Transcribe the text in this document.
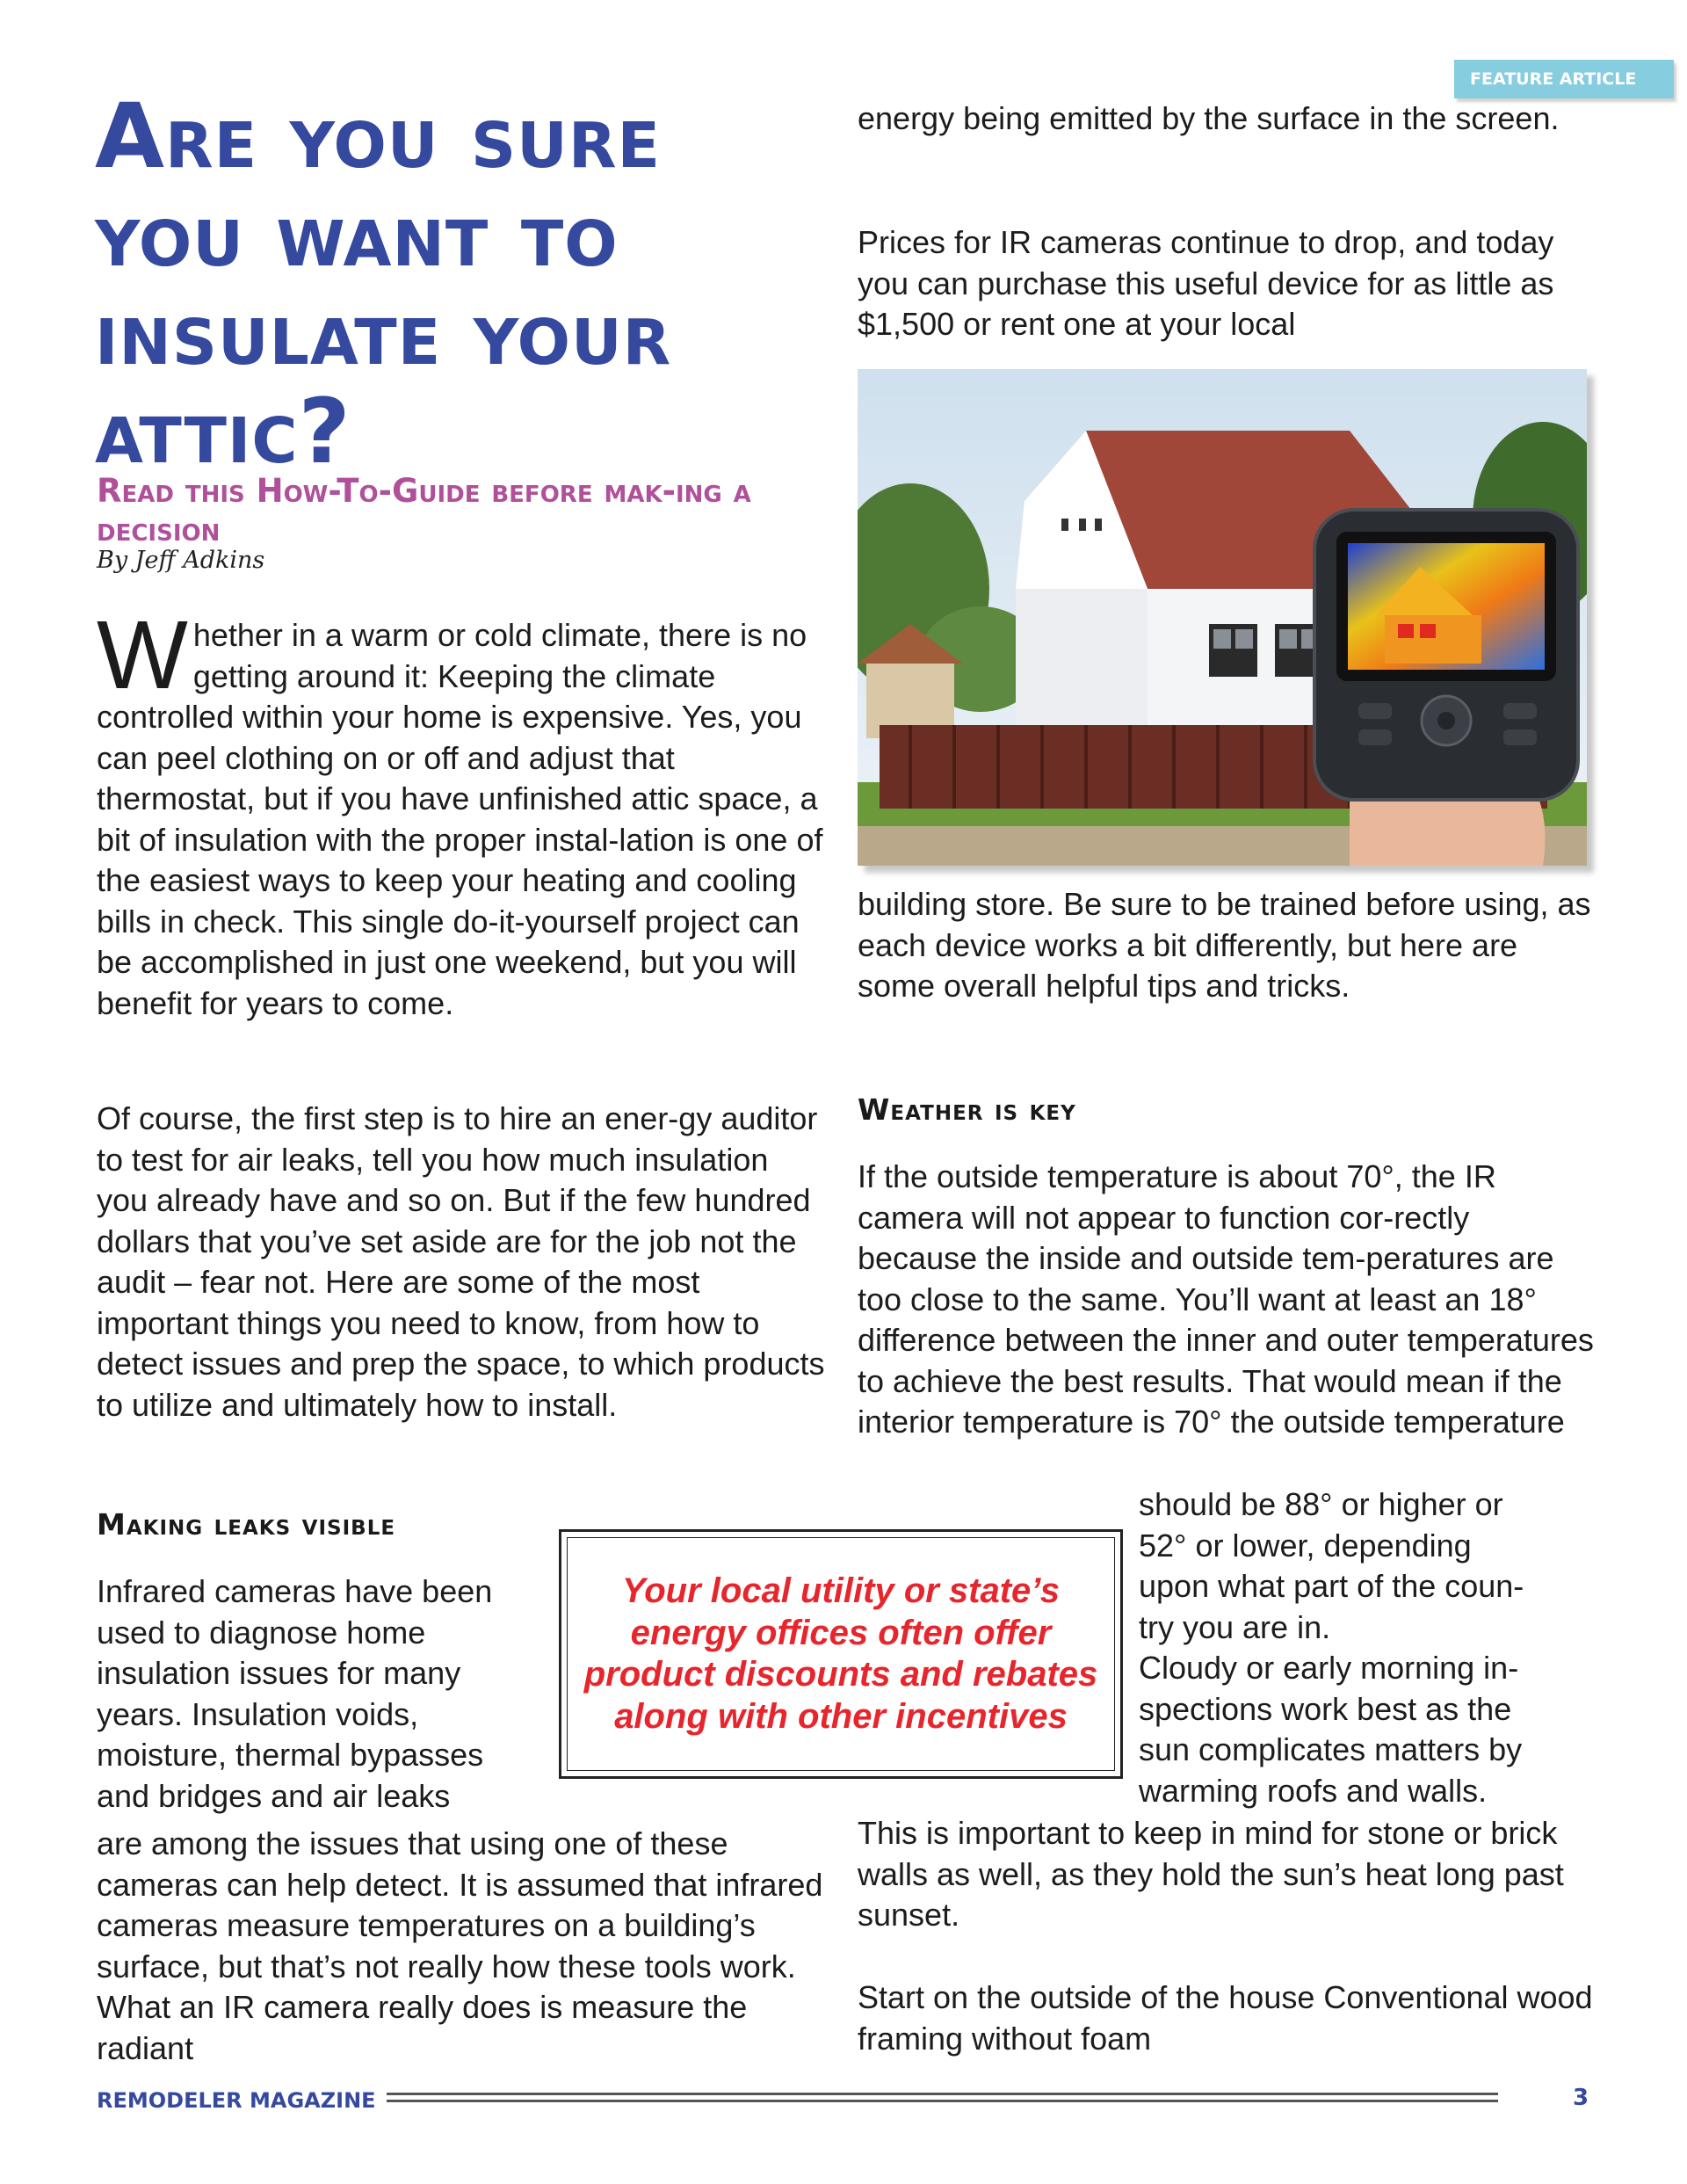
FEATURE ARTICLE
Are you sure you want to insulate your attic?
Read this How-To-Guide before mak-ing a decision

By Jeff Adkins

Whether in a warm or cold climate, there is no getting around it: Keeping the climate controlled within your home is expensive. Yes, you can peel clothing on or off and adjust that thermostat, but if you have unfinished attic space, a bit of insulation with the proper instal-lation is one of the easiest ways to keep your heating and cooling bills in check. This single do-it-yourself project can be accomplished in just one weekend, but you will benefit for years to come.

Of course, the first step is to hire an ener-gy auditor to test for air leaks, tell you how much insulation you already have and so on. But if the few hundred dollars that you’ve set aside are for the job not the audit – fear not. Here are some of the most important things you need to know, from how to detect issues and prep the space, to which products to utilize and ultimately how to install.

Making leaks visible
Infrared cameras have been
used to diagnose home
insulation issues for many
years. Insulation voids,
moisture, thermal bypasses
and bridges and air leaks

are among the issues that using one of these cameras can help detect. It is assumed that infrared cameras measure temperatures on a building’s surface, but that’s not really how these tools work. What an IR camera really does is measure the radiant

energy being emitted by the surface in the screen.

Prices for IR cameras continue to drop, and today you can purchase this useful device for as little as $1,500 or rent one at your local

building store. Be sure to be trained before using, as each device works a bit differently, but here are some overall helpful tips and tricks.

Weather is key

If the outside temperature is about 70°, the IR camera will not appear to function cor-rectly because the inside and outside tem-peratures are too close to the same. You’ll want at least an 18° difference between the inner and outer temperatures to achieve the best results. That would mean if the interior temperature is 70° the outside temperature

should be 88° or higher or
52° or lower, depending
upon what part of the coun-
try you are in.
Cloudy or early morning in-
spections work best as the
sun complicates matters by
warming roofs and walls.

This is important to keep in mind for stone or brick walls as well, as they hold the sun’s heat long past sunset.

Start on the outside of the house Conventional wood framing without foam

Your local utility or state’s energy offices often offer product discounts and rebates along with other incentives

REMODELER MAGAZINE	3
